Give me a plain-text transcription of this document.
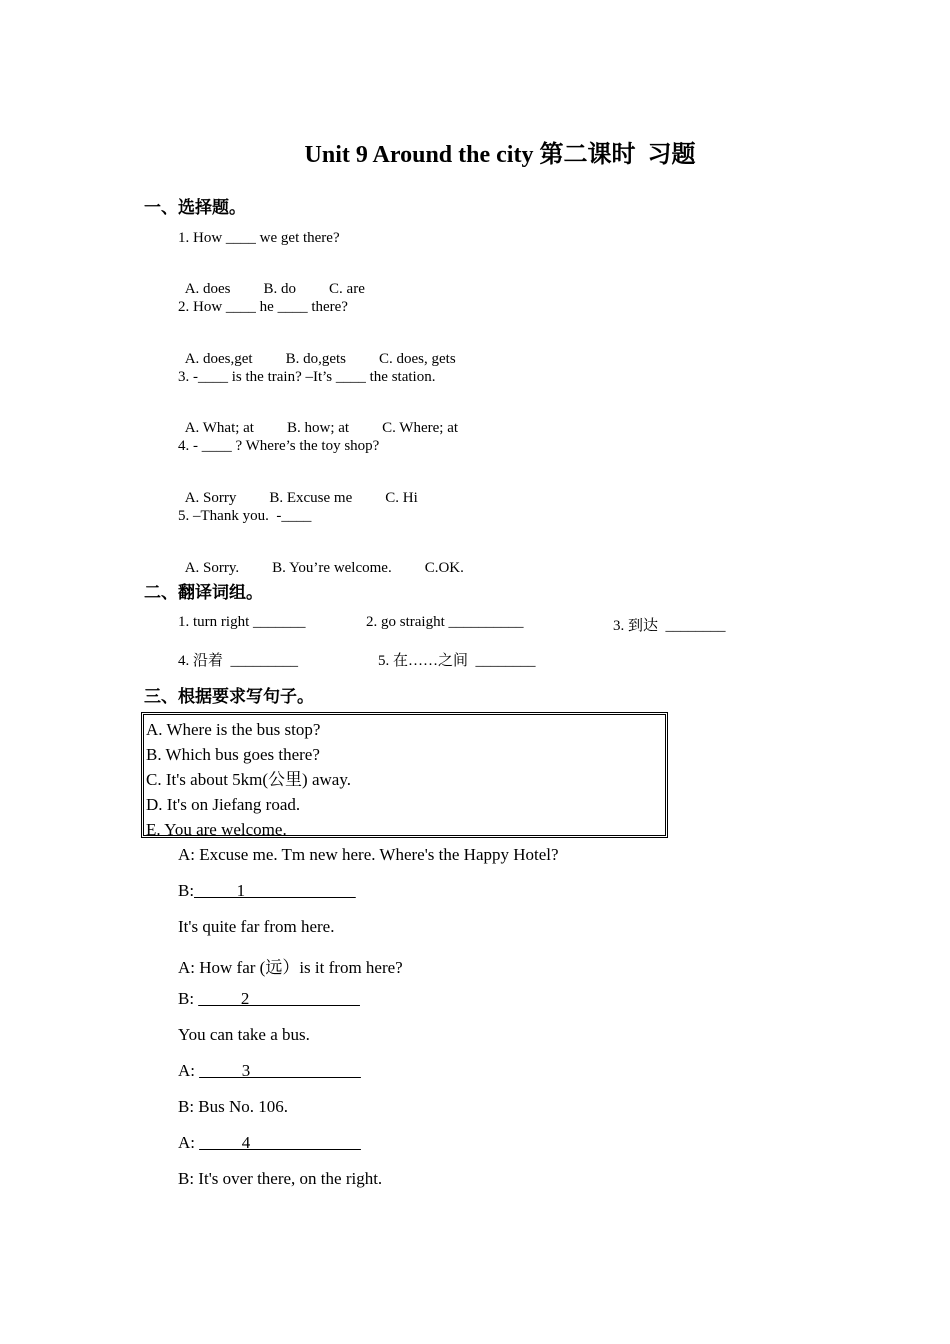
Unit 9 Around the city 第二课时  习题
一、选择题。
1. How ____ we get there?

A. does B. do C. are

2. How ____ he ____ there?

A. does,get B. do,gets C. does, gets

3. -____ is the train? –It’s ____ the station.

A. What; at B. how; at C. Where; at

4. - ____ ? Where’s the toy shop?

A. Sorry B. Excuse me C. Hi

5. –Thank you.  -____

A. Sorry. B. You’re welcome. C.OK.

二、翻译词组。
1. turn right _______	2. go straight __________	3. 到达  ________
4. 沿着  _________	5. 在……之间  ________
三、根据要求写句子。
A. Where is the bus stop?
B. Which bus goes there?
C. It's about 5km(公里) away.
D. It's on Jiefang road.
E. You are welcome.
A: Excuse me. Tm new here. Where's the Happy Hotel?
B:_____1_____________
It's quite far from here.
A: How far (远）is it from here?
B: _____2_____________
You can take a bus.
A: _____3_____________
B: Bus No. 106.
A: _____4_____________
B: It's over there, on the right.
